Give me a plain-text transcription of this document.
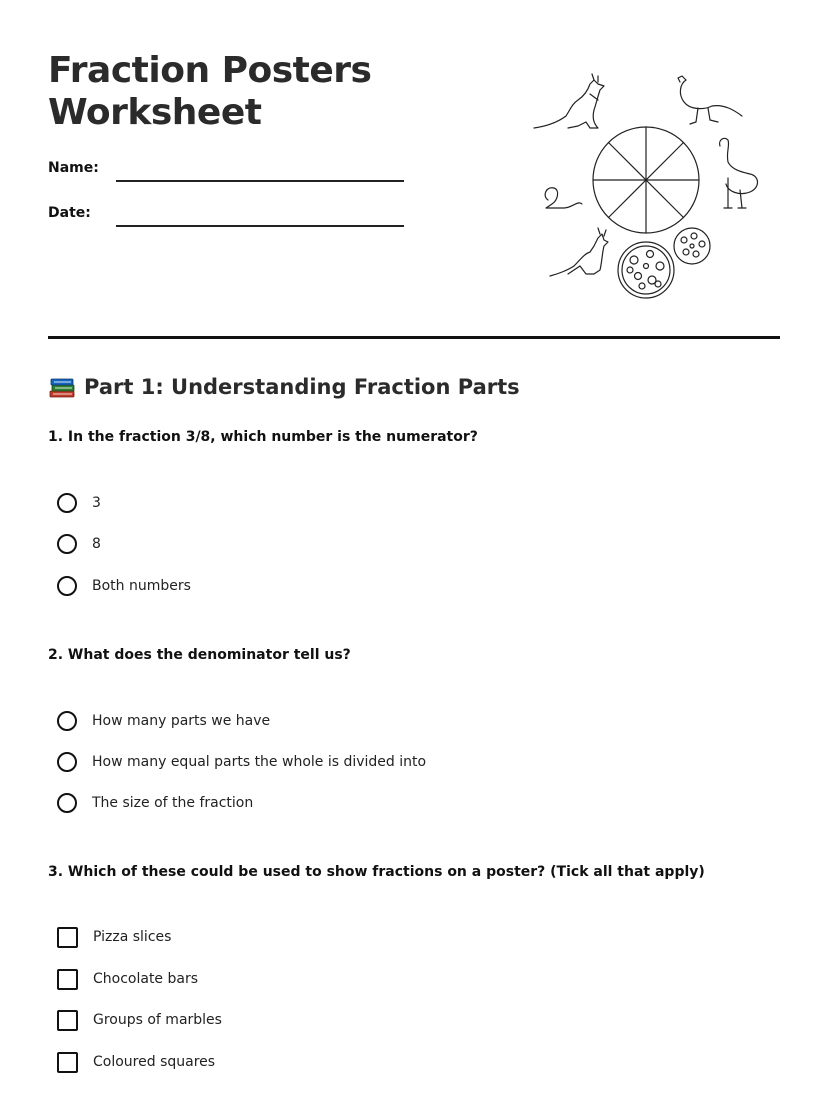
Fraction Posters
Worksheet
Name:
Date:
Part 1: Understanding Fraction Parts

1. In the fraction 3/8, which number is the numerator?

3
8
Both numbers

2. What does the denominator tell us?

How many parts we have
How many equal parts the whole is divided into
The size of the fraction

3. Which of these could be used to show fractions on a poster? (Tick all that apply)

Pizza slices
Chocolate bars
Groups of marbles
Coloured squares
